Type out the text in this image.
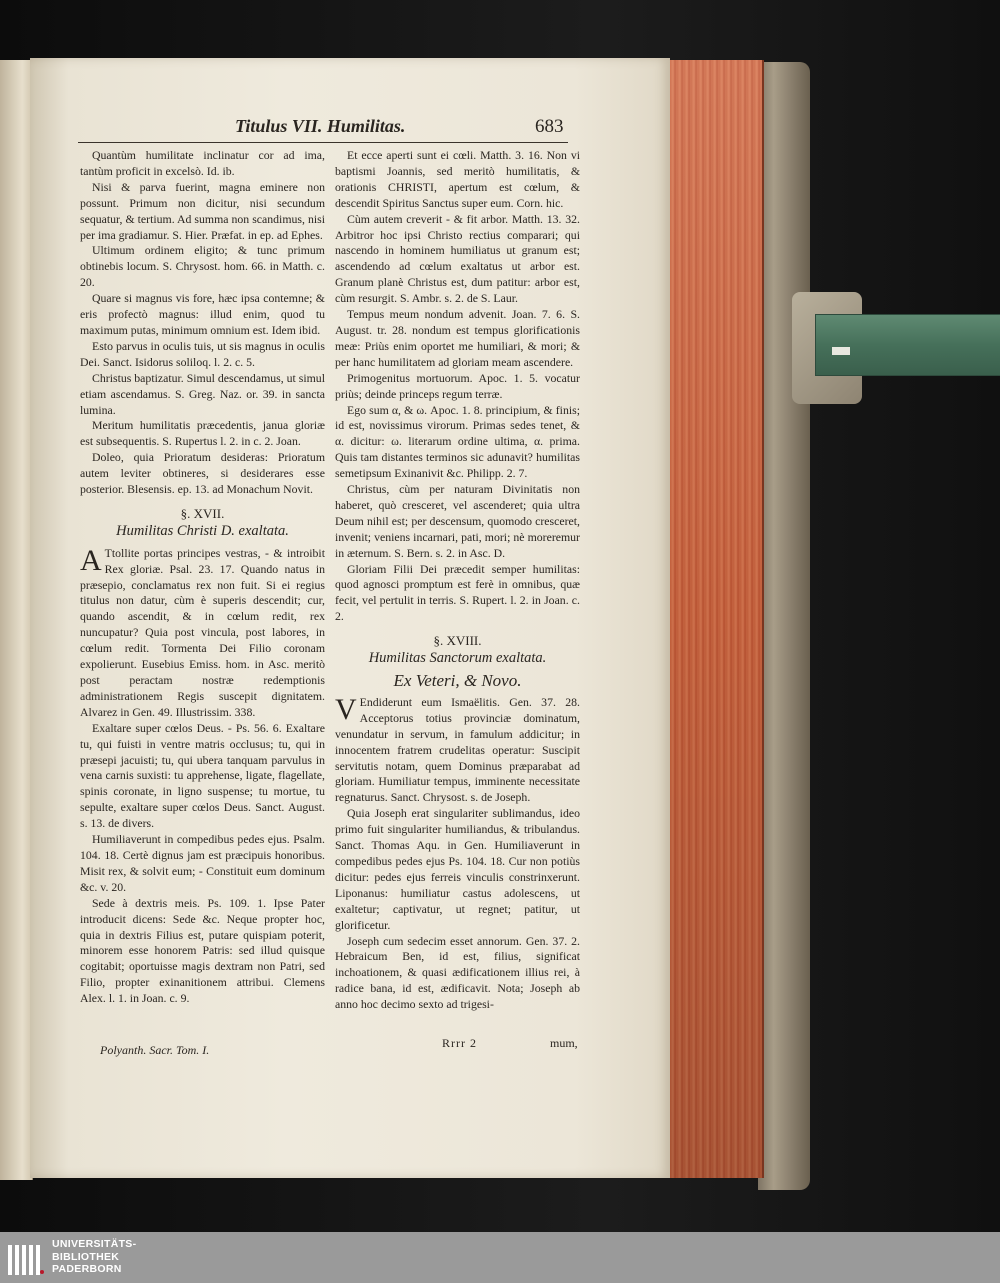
Titulus VII. Humilitas.	683

Quantùm humilitate inclinatur cor ad ima, tantùm proficit in excelsò. Id. ib.

Nisi & parva fuerint, magna eminere non possunt. Primum non dicitur, nisi secundum sequatur, & tertium. Ad summa non scandimus, nisi per ima gradiamur. S. Hier. Præfat. in ep. ad Ephes.

Ultimum ordinem eligito; & tunc primum obtinebis locum. S. Chrysost. hom. 66. in Matth. c. 20.

Quare si magnus vis fore, hæc ipsa contemne; & eris profectò magnus: illud enim, quod tu maximum putas, minimum omnium est. Idem ibid.

Esto parvus in oculis tuis, ut sis magnus in oculis Dei. Sanct. Isidorus soliloq. l. 2. c. 5.

Christus baptizatur. Simul descendamus, ut simul etiam ascendamus. S. Greg. Naz. or. 39. in sancta lumina.

Meritum humilitatis præcedentis, janua gloriæ est subsequentis. S. Rupertus l. 2. in c. 2. Joan.

Doleo, quia Prioratum desideras: Prioratum autem leviter obtineres, si desiderares esse posterior. Blesensis. ep. 13. ad Monachum Novit.

§. XVII.
Humilitas Christi D. exaltata.

A Ttollite portas principes vestras, - & introibit Rex gloriæ. Psal. 23. 17. Quando natus in præsepio, conclamatus rex non fuit. Si ei regius titulus non datur, cùm è superis descendit; cur, quando ascendit, & in cœlum redit, rex nuncupatur? Quia post vincula, post labores, in cœlum redit. Tormenta Dei Filio coronam expolierunt. Eusebius Emiss. hom. in Asc. meritò post peractam nostræ redemptionis administrationem Regis suscepit dignitatem. Alvarez in Gen. 49. Illustrissim. 338.

Exaltare super cœlos Deus. - Ps. 56. 6. Exaltare tu, qui fuisti in ventre matris occlusus; tu, qui in præsepi jacuisti; tu, qui ubera tanquam parvulus in vena carnis suxisti: tu apprehense, ligate, flagellate, spinis coronate, in ligno suspense; tu mortue, tu sepulte, exaltare super cœlos Deus. Sanct. August. s. 13. de divers.

Humiliaverunt in compedibus pedes ejus. Psalm. 104. 18. Certè dignus jam est præcipuis honoribus. Misit rex, & solvit eum; - Constituit eum dominum &c. v. 20.

Sede à dextris meis. Ps. 109. 1. Ipse Pater introducit dicens: Sede &c. Neque propter hoc, quia in dextris Filius est, putare quispiam poterit, minorem esse honorem Patris: sed illud quisque cogitabit; oportuisse magis dextram non Patri, sed Filio, propter exinanitionem attribui. Clemens Alex. l. 1. in Joan. c. 9.

Et ecce aperti sunt ei cœli. Matth. 3. 16. Non vi baptismi Joannis, sed meritò humilitatis, & orationis CHRISTI, apertum est cœlum, & descendit Spiritus Sanctus super eum. Corn. hic.

Cùm autem creverit - & fit arbor. Matth. 13. 32. Arbitror hoc ipsi Christo rectius comparari; qui nascendo in hominem humiliatus ut granum est; ascendendo ad cœlum exaltatus ut arbor est. Granum planè Christus est, dum patitur: arbor est, cùm resurgit. S. Ambr. s. 2. de S. Laur.

Tempus meum nondum advenit. Joan. 7. 6. S. August. tr. 28. nondum est tempus glorificationis meæ: Priùs enim oportet me humiliari, & mori; & per hanc humilitatem ad gloriam meam ascendere.

Primogenitus mortuorum. Apoc. 1. 5. vocatur priùs; deinde princeps regum terræ.

Ego sum α, & ω. Apoc. 1. 8. principium, & finis; id est, novissimus virorum. Primas sedes tenet, & α. dicitur: ω. literarum ordine ultima, α. prima. Quis tam distantes terminos sic adunavit? humilitas semetipsum Exinanivit &c. Philipp. 2. 7.

Christus, cùm per naturam Divinitatis non haberet, quò cresceret, vel ascenderet; quia ultra Deum nihil est; per descensum, quomodo cresceret, invenit; veniens incarnari, pati, mori; nè moreremur in æternum. S. Bern. s. 2. in Asc. D.

Gloriam Filii Dei præcedit semper humilitas: quod agnosci promptum est ferè in omnibus, quæ fecit, vel pertulit in terris. S. Rupert. l. 2. in Joan. c. 2.

§. XVIII.
Humilitas Sanctorum exaltata.
Ex Veteri, & Novo.

V Endiderunt eum Ismaëlitis. Gen. 37. 28. Acceptorus totius provinciæ dominatum, venundatur in servum, in famulum addicitur; in innocentem fratrem crudelitas operatur: Suscipit servitutis notam, quem Dominus præparabat ad gloriam. Humiliatur tempus, imminente necessitate regnaturus. Sanct. Chrysost. s. de Joseph.

Quia Joseph erat singulariter sublimandus, ideo primo fuit singulariter humiliandus, & tribulandus. Sanct. Thomas Aqu. in Gen. Humiliaverunt in compedibus pedes ejus Ps. 104. 18. Cur non potiùs dicitur: pedes ejus ferreis vinculis constrinxerunt. Liponanus: humiliatur castus adolescens, ut exaltetur; captivatur, ut regnet; patitur, ut glorificetur.

Joseph cum sedecim esset annorum. Gen. 37. 2. Hebraicum Ben, id est, filius, significat inchoationem, & quasi ædificationem illius rei, à radice bana, id est, ædificavit. Nota; Joseph ab anno hoc decimo sexto ad trigesi-

Polyanth. Sacr. Tom. I.	Rrrr 2	mum,
UNIVERSITÄTS-
BIBLIOTHEK
PADERBORN
